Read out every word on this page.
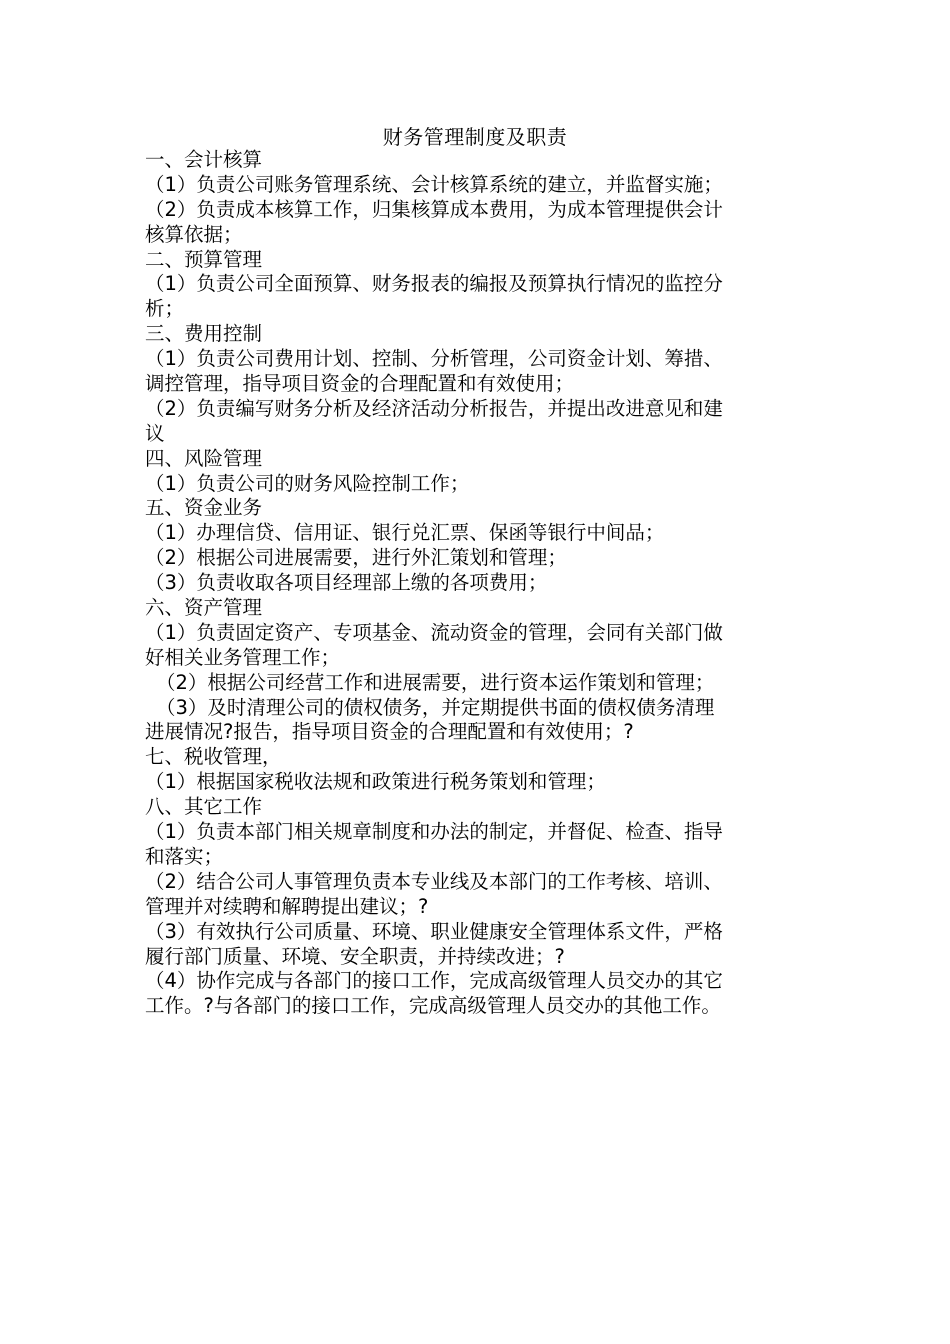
财务管理制度及职责
一、会计核算
（1）负责公司账务管理系统、会计核算系统的建立，并监督实施；
（2）负责成本核算工作，归集核算成本费用，为成本管理提供会计
核算依据；
二、预算管理
（1）负责公司全面预算、财务报表的编报及预算执行情况的监控分
析；
三、费用控制
（1）负责公司费用计划、控制、分析管理，公司资金计划、筹措、
调控管理，指导项目资金的合理配置和有效使用；
（2）负责编写财务分析及经济活动分析报告，并提出改进意见和建
议
四、风险管理
（1）负责公司的财务风险控制工作；
五、资金业务
（1）办理信贷、信用证、银行兑汇票、保函等银行中间品；
（2）根据公司进展需要，进行外汇策划和管理；
（3）负责收取各项目经理部上缴的各项费用；
六、资产管理
（1）负责固定资产、专项基金、流动资金的管理，会同有关部门做
好相关业务管理工作；
（2）根据公司经营工作和进展需要，进行资本运作策划和管理；
（3）及时清理公司的债权债务，并定期提供书面的债权债务清理
进展情况?报告，指导项目资金的合理配置和有效使用；?
七、税收管理，
（1）根据国家税收法规和政策进行税务策划和管理；
八、其它工作
（1）负责本部门相关规章制度和办法的制定，并督促、检查、指导
和落实；
（2）结合公司人事管理负责本专业线及本部门的工作考核、培训、
管理并对续聘和解聘提出建议；?
（3）有效执行公司质量、环境、职业健康安全管理体系文件，严格
履行部门质量、环境、安全职责，并持续改进；?
（4）协作完成与各部门的接口工作，完成高级管理人员交办的其它
工作。?与各部门的接口工作，完成高级管理人员交办的其他工作。
